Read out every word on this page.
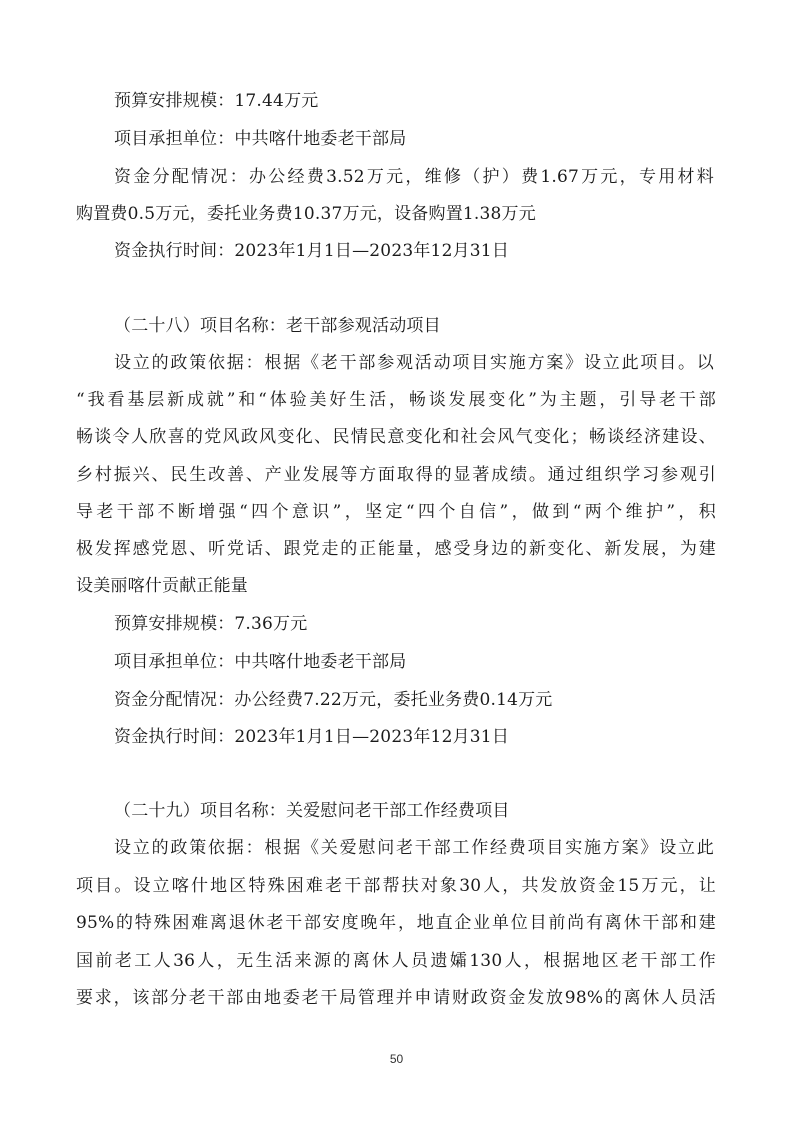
预算安排规模：17.44万元
项目承担单位：中共喀什地委老干部局
资金分配情况：办公经费3.52万元，维修（护）费1.67万元，专用材料
购置费0.5万元，委托业务费10.37万元，设备购置1.38万元
资金执行时间：2023年1月1日—2023年12月31日
（二十八）项目名称：老干部参观活动项目
设立的政策依据：根据《老干部参观活动项目实施方案》设立此项目。以
“我看基层新成就”和“体验美好生活，畅谈发展变化”为主题，引导老干部
畅谈令人欣喜的党风政风变化、民情民意变化和社会风气变化；畅谈经济建设、
乡村振兴、民生改善、产业发展等方面取得的显著成绩。通过组织学习参观引
导老干部不断增强“四个意识”，坚定“四个自信”，做到“两个维护”，积
极发挥感党恩、听党话、跟党走的正能量，感受身边的新变化、新发展，为建
设美丽喀什贡献正能量
预算安排规模：7.36万元
项目承担单位：中共喀什地委老干部局
资金分配情况：办公经费7.22万元，委托业务费0.14万元
资金执行时间：2023年1月1日—2023年12月31日
（二十九）项目名称：关爱慰问老干部工作经费项目
设立的政策依据：根据《关爱慰问老干部工作经费项目实施方案》设立此
项目。设立喀什地区特殊困难老干部帮扶对象30人，共发放资金15万元，让
95%的特殊困难离退休老干部安度晚年，地直企业单位目前尚有离休干部和建
国前老工人36人，无生活来源的离休人员遗孀130人，根据地区老干部工作
要求，该部分老干部由地委老干局管理并申请财政资金发放98%的离休人员活
50
